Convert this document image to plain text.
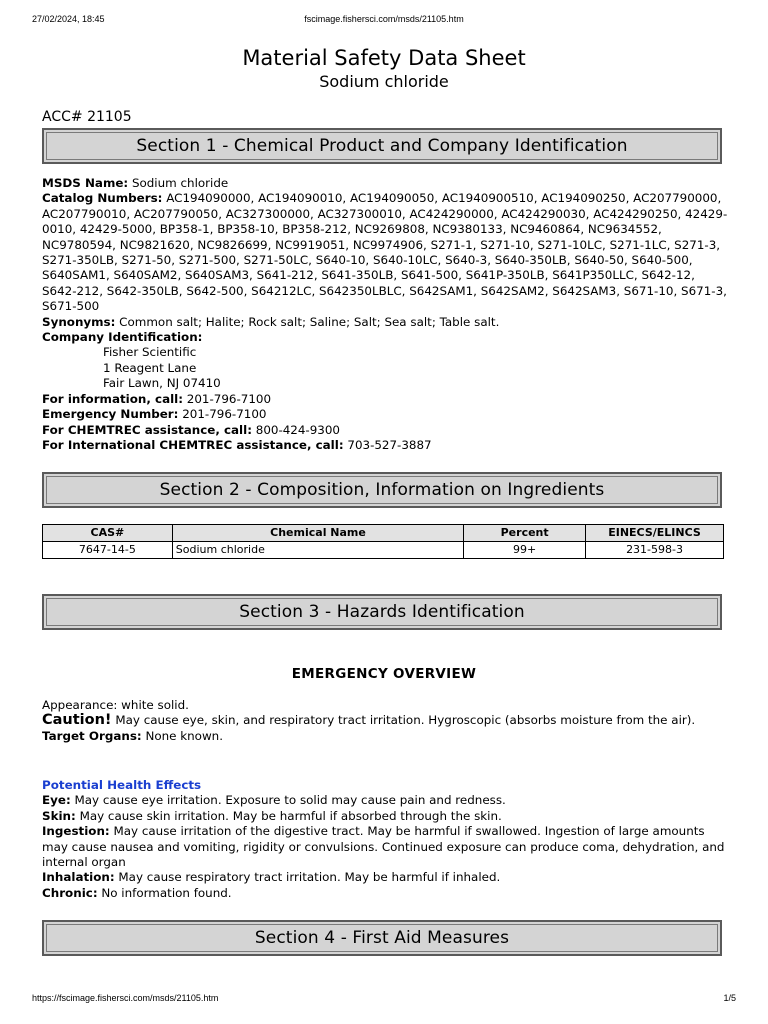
27/02/2024, 18:45	fscimage.fishersci.com/msds/21105.htm
Material Safety Data Sheet
Sodium chloride
ACC# 21105
Section 1 - Chemical Product and Company Identification

MSDS Name: Sodium chloride

Catalog Numbers: AC194090000, AC194090010, AC194090050, AC1940900510, AC194090250, AC207790000, AC207790010, AC207790050, AC327300000, AC327300010, AC424290000, AC424290030, AC424290250, 42429-0010, 42429-5000, BP358-1, BP358-10, BP358-212, NC9269808, NC9380133, NC9460864, NC9634552, NC9780594, NC9821620, NC9826699, NC9919051, NC9974906, S271-1, S271-10, S271-10LC, S271-1LC, S271-3, S271-350LB, S271-50, S271-500, S271-50LC, S640-10, S640-10LC, S640-3, S640-350LB, S640-50, S640-500, S640SAM1, S640SAM2, S640SAM3, S641-212, S641-350LB, S641-500, S641P-350LB, S641P350LLC, S642-12, S642-212, S642-350LB, S642-500, S64212LC, S642350LBLC, S642SAM1, S642SAM2, S642SAM3, S671-10, S671-3, S671-500

Synonyms: Common salt; Halite; Rock salt; Saline; Salt; Sea salt; Table salt.

Company Identification:

Fisher Scientific

1 Reagent Lane

Fair Lawn, NJ 07410

For information, call: 201-796-7100

Emergency Number: 201-796-7100

For CHEMTREC assistance, call: 800-424-9300

For International CHEMTREC assistance, call: 703-527-3887

Section 2 - Composition, Information on Ingredients
CAS#	Chemical Name	Percent	EINECS/ELINCS
7647-14-5	Sodium chloride	99+	231-598-3
Section 3 - Hazards Identification
EMERGENCY OVERVIEW

Appearance: white solid.

Caution! May cause eye, skin, and respiratory tract irritation. Hygroscopic (absorbs moisture from the air).

Target Organs: None known.

Potential Health Effects

Eye: May cause eye irritation. Exposure to solid may cause pain and redness.

Skin: May cause skin irritation. May be harmful if absorbed through the skin.

Ingestion: May cause irritation of the digestive tract. May be harmful if swallowed. Ingestion of large amounts may cause nausea and vomiting, rigidity or convulsions. Continued exposure can produce coma, dehydration, and internal organ

Inhalation: May cause respiratory tract irritation. May be harmful if inhaled.

Chronic: No information found.

Section 4 - First Aid Measures
https://fscimage.fishersci.com/msds/21105.htm	1/5
